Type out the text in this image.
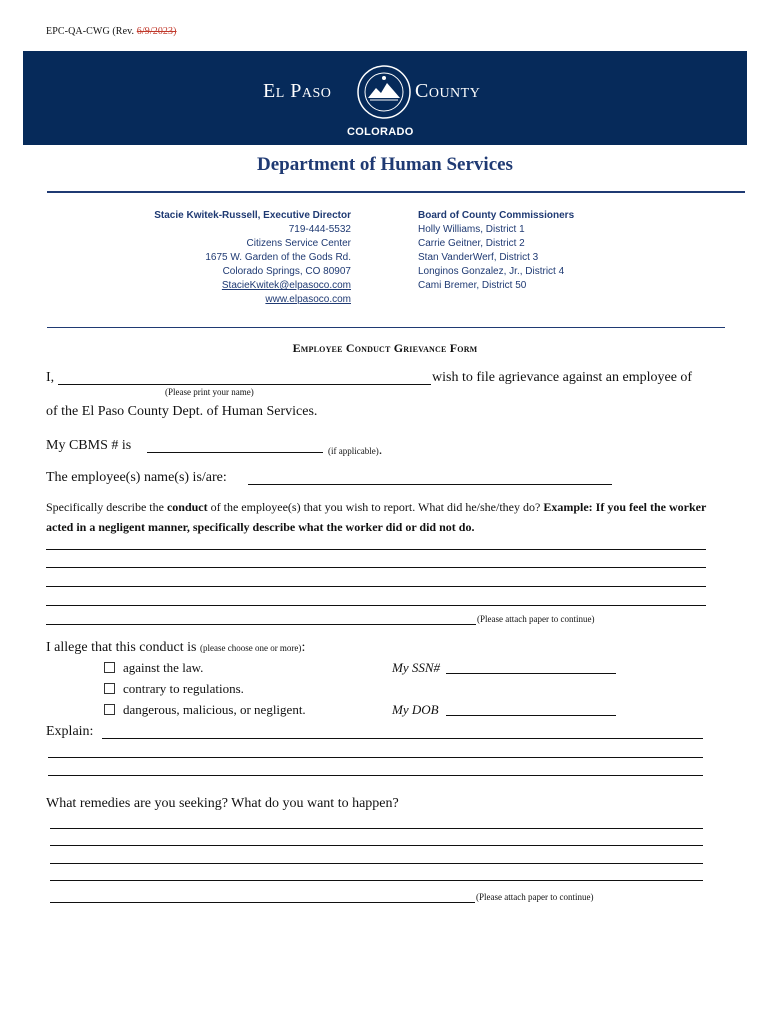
EPC-QA-CWG (Rev. 6/9/2023)
El Paso	County
COLORADO
Department of Human Services
Stacie Kwitek-Russell, Executive Director
719-444-5532
Citizens Service Center
1675 W. Garden of the Gods Rd.
Colorado Springs, CO 80907
StacieKwitek@elpasoco.com
www.elpasoco.com
Board of County Commissioners
Holly Williams, District 1
Carrie Geitner, District 2
Stan VanderWerf, District 3
Longinos Gonzalez, Jr., District 4
Cami Bremer, District 50
Employee Conduct Grievance Form
I,	wish to file agrievance against an employee of
(Please print your name)
of the El Paso County Dept. of Human Services.
My CBMS # is	(if applicable).
The employee(s) name(s) is/are:
Specifically describe the conduct of the employee(s) that you wish to report. What did he/she/they do? Example: If you feel the worker acted in a negligent manner, specifically describe what the worker did or did not do.
(Please attach paper to continue)
I allege that this conduct is (please choose one or more):
against the law.
contrary to regulations.
dangerous, malicious, or negligent.
My SSN#
My DOB
Explain:
What remedies are you seeking? What do you want to happen?
(Please attach paper to continue)
